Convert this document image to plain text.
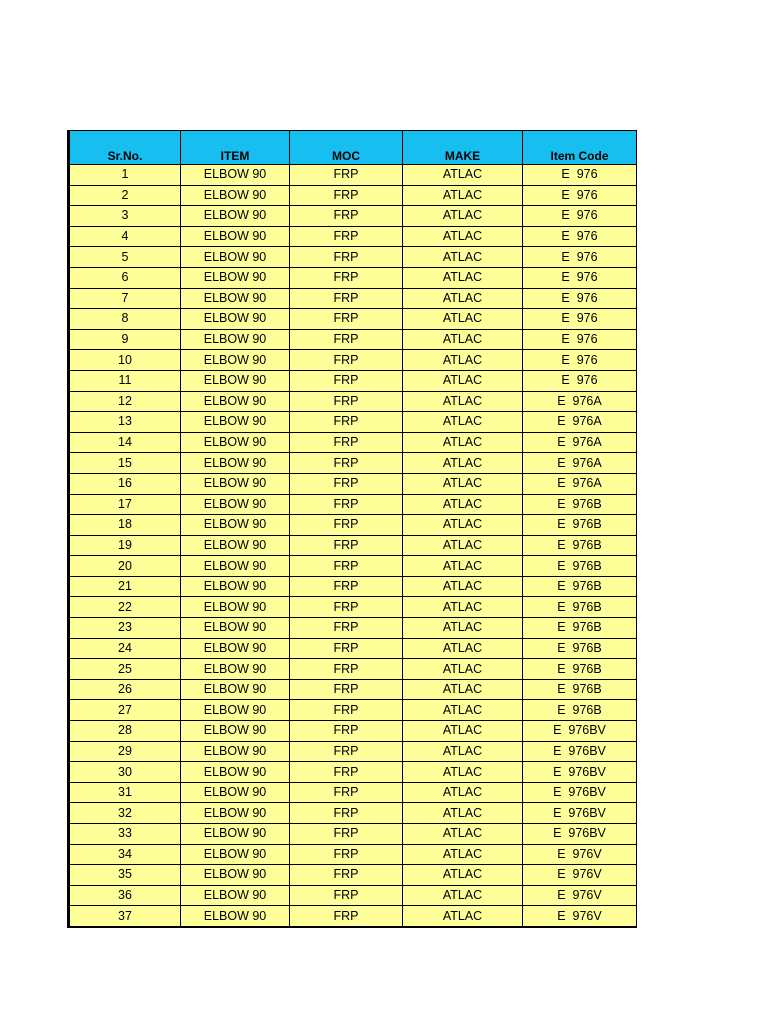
Sr.No.	ITEM	MOC	MAKE	Item Code
1	ELBOW 90	FRP	ATLAC	E  976
2	ELBOW 90	FRP	ATLAC	E  976
3	ELBOW 90	FRP	ATLAC	E  976
4	ELBOW 90	FRP	ATLAC	E  976
5	ELBOW 90	FRP	ATLAC	E  976
6	ELBOW 90	FRP	ATLAC	E  976
7	ELBOW 90	FRP	ATLAC	E  976
8	ELBOW 90	FRP	ATLAC	E  976
9	ELBOW 90	FRP	ATLAC	E  976
10	ELBOW 90	FRP	ATLAC	E  976
11	ELBOW 90	FRP	ATLAC	E  976
12	ELBOW 90	FRP	ATLAC	E  976A
13	ELBOW 90	FRP	ATLAC	E  976A
14	ELBOW 90	FRP	ATLAC	E  976A
15	ELBOW 90	FRP	ATLAC	E  976A
16	ELBOW 90	FRP	ATLAC	E  976A
17	ELBOW 90	FRP	ATLAC	E  976B
18	ELBOW 90	FRP	ATLAC	E  976B
19	ELBOW 90	FRP	ATLAC	E  976B
20	ELBOW 90	FRP	ATLAC	E  976B
21	ELBOW 90	FRP	ATLAC	E  976B
22	ELBOW 90	FRP	ATLAC	E  976B
23	ELBOW 90	FRP	ATLAC	E  976B
24	ELBOW 90	FRP	ATLAC	E  976B
25	ELBOW 90	FRP	ATLAC	E  976B
26	ELBOW 90	FRP	ATLAC	E  976B
27	ELBOW 90	FRP	ATLAC	E  976B
28	ELBOW 90	FRP	ATLAC	E  976BV
29	ELBOW 90	FRP	ATLAC	E  976BV
30	ELBOW 90	FRP	ATLAC	E  976BV
31	ELBOW 90	FRP	ATLAC	E  976BV
32	ELBOW 90	FRP	ATLAC	E  976BV
33	ELBOW 90	FRP	ATLAC	E  976BV
34	ELBOW 90	FRP	ATLAC	E  976V
35	ELBOW 90	FRP	ATLAC	E  976V
36	ELBOW 90	FRP	ATLAC	E  976V
37	ELBOW 90	FRP	ATLAC	E  976V
